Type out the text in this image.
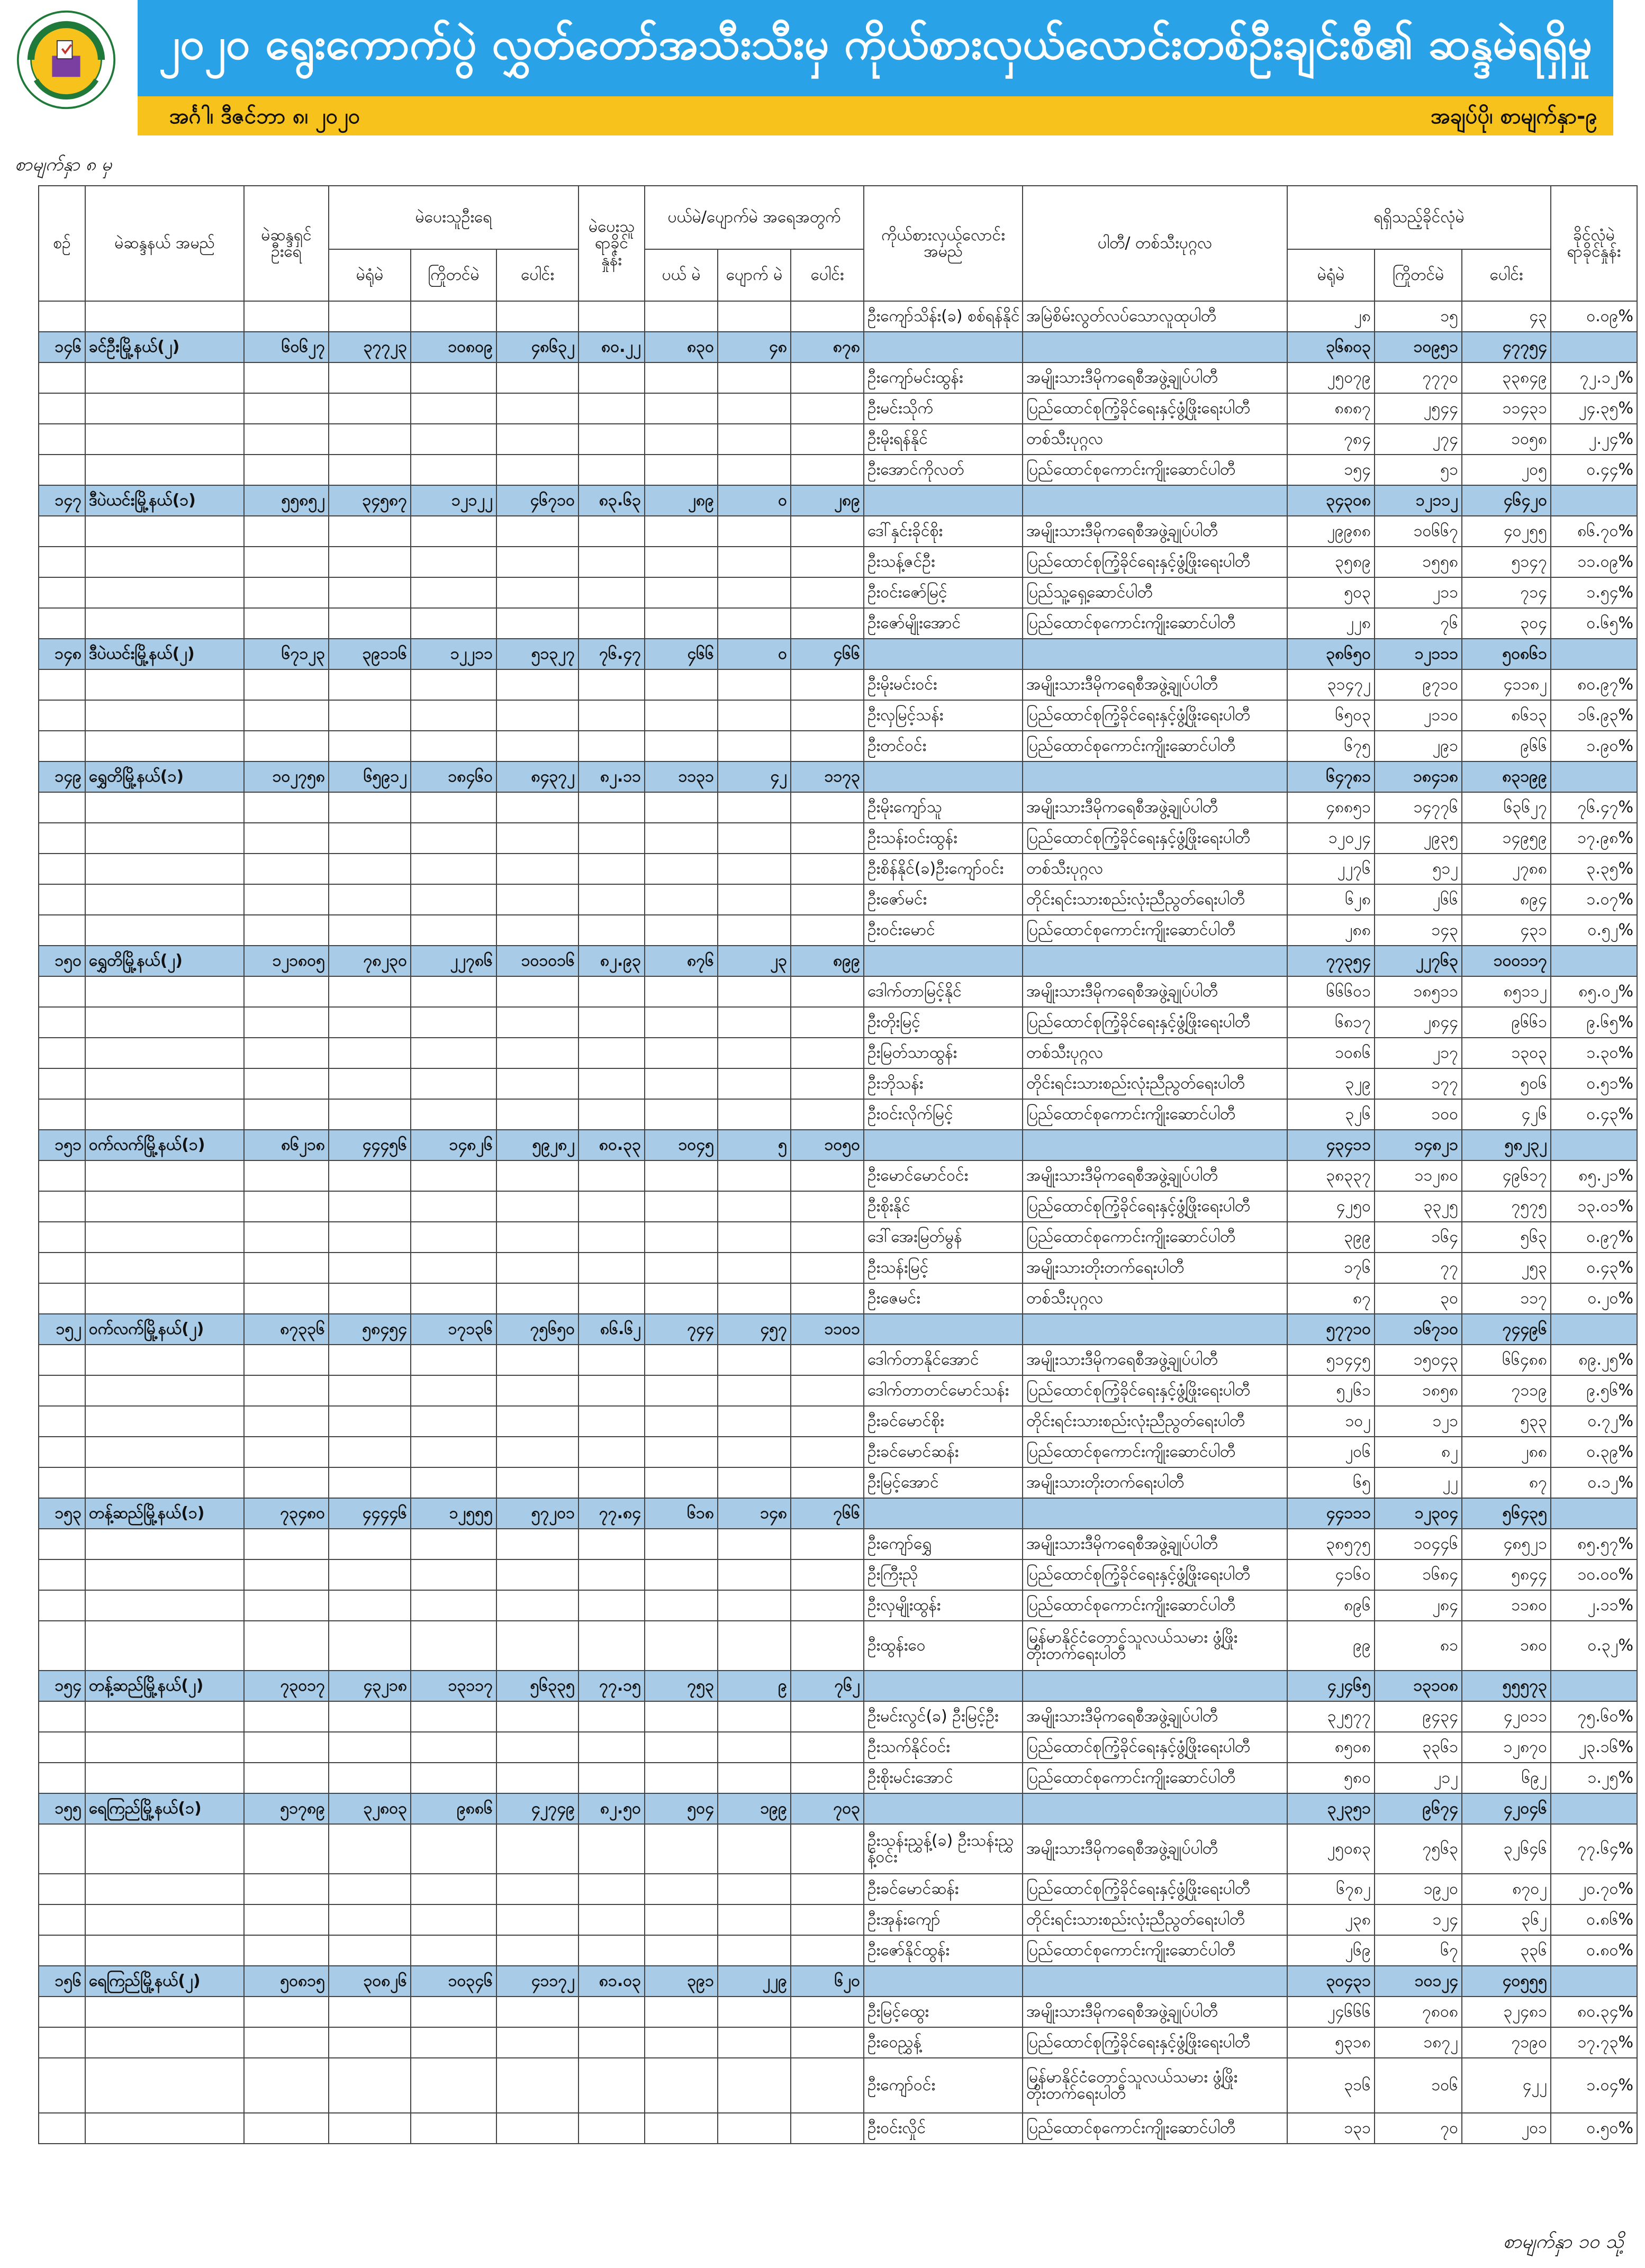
၂၀၂၀ ရွေးကောက်ပွဲ လွှတ်တော်အသီးသီးမှ ကိုယ်စားလှယ်လောင်းတစ်ဦးချင်းစီ၏ ဆန္ဒမဲရရှိမှု
အင်္ဂါ၊ ဒီဇင်ဘာ ၈၊ ၂၀၂၀	အချပ်ပို၊ စာမျက်နှာ-၉
စာမျက်နှာ ၈ မှ
စဉ်	မဲဆန္ဒနယ် အမည်	မဲဆန္ဒရှင် ဦးရေ	မဲပေးသူဦးရေ			မဲပေးသူ ရာခိုင် နှုန်း	ပယ်မဲ/ပျောက်မဲ အရေအတွက်			ကိုယ်စားလှယ်လောင်း အမည်	ပါတီ/ တစ်သီးပုဂ္ဂလ	ရရှိသည့်ခိုင်လုံမဲ			ခိုင်လုံမဲ ရာခိုင်နှုန်း
			မဲရုံမဲ	ကြိုတင်မဲ	ပေါင်း		ပယ် မဲ	ပျောက် မဲ	ပေါင်း			မဲရုံမဲ	ကြိုတင်မဲ	ပေါင်း	
										ဦးကျော်သိန်း(ခ) စစ်ရန်နိုင်	အမြဲစိမ်းလွတ်လပ်သောလူထုပါတီ	၂၈	၁၅	၄၃	၀.၀၉%
၁၄၆	ခင်ဦးမြို့နယ်(၂)	၆၀၆၂၇	၃၇၇၂၃	၁၀၈၀၉	၄၈၆၃၂	၈၀.၂၂	၈၃၀	၄၈	၈၇၈			၃၆၈၀၃	၁၀၉၅၁	၄၇၇၅၄	
										ဦးကျော်မင်းထွန်း	အမျိုးသားဒီမိုကရေစီအဖွဲ့ချုပ်ပါတီ	၂၅၀၇၉	၇၇၇၀	၃၃၈၄၉	၇၂.၁၂%
										ဦးမင်းသိုက်	ပြည်ထောင်စုကြံ့ခိုင်ရေးနှင့်ဖွံ့ဖြိုးရေးပါတီ	၈၈၈၇	၂၅၄၄	၁၁၄၃၁	၂၄.၃၅%
										ဦးမိုးရန်နိုင်	တစ်သီးပုဂ္ဂလ	၇၈၄	၂၇၄	၁၀၅၈	၂.၂၄%
										ဦးအောင်ကိုလတ်	ပြည်ထောင်စုကောင်းကျိုးဆောင်ပါတီ	၁၅၄	၅၁	၂၀၅	၀.၄၄%
၁၄၇	ဒီပဲယင်းမြို့နယ်(၁)	၅၅၈၅၂	၃၄၅၈၇	၁၂၁၂၂	၄၆၇၁၀	၈၃.၆၃	၂၈၉	၀	၂၈၉			၃၄၃၀၈	၁၂၁၁၂	၄၆၄၂၀	
										ဒေါ်နှင်းခိုင်စိုး	အမျိုးသားဒီမိုကရေစီအဖွဲ့ချုပ်ပါတီ	၂၉၉၈၈	၁၀၆၆၇	၄၀၂၅၅	၈၆.၇၀%
										ဦးသန့်ဇင်ဦး	ပြည်ထောင်စုကြံ့ခိုင်ရေးနှင့်ဖွံ့ဖြိုးရေးပါတီ	၃၅၈၉	၁၅၅၈	၅၁၄၇	၁၁.၀၉%
										ဦးဝင်းဇော်မြင့်	ပြည်သူ့ရှေ့ဆောင်ပါတီ	၅၀၃	၂၁၁	၇၁၄	၁.၅၄%
										ဦးဇော်မျိုးအောင်	ပြည်ထောင်စုကောင်းကျိုးဆောင်ပါတီ	၂၂၈	၇၆	၃၀၄	၀.၆၅%
၁၄၈	ဒီပဲယင်းမြို့နယ်(၂)	၆၇၁၂၃	၃၉၁၁၆	၁၂၂၁၁	၅၁၃၂၇	၇၆.၄၇	၄၆၆	၀	၄၆၆			၃၈၆၅၀	၁၂၁၁၁	၅၀၈၆၁	
										ဦးမိုးမင်းဝင်း	အမျိုးသားဒီမိုကရေစီအဖွဲ့ချုပ်ပါတီ	၃၁၄၇၂	၉၇၁၀	၄၁၁၈၂	၈၀.၉၇%
										ဦးလှမြင့်သန်း	ပြည်ထောင်စုကြံ့ခိုင်ရေးနှင့်ဖွံ့ဖြိုးရေးပါတီ	၆၅၀၃	၂၁၁၀	၈၆၁၃	၁၆.၉၃%
										ဦးတင်ဝင်း	ပြည်ထောင်စုကောင်းကျိုးဆောင်ပါတီ	၆၇၅	၂၉၁	၉၆၆	၁.၉၀%
၁၄၉	ရွှေတိမြို့နယ်(၁)	၁၀၂၇၅၈	၆၅၉၁၂	၁၈၄၆၀	၈၄၃၇၂	၈၂.၁၁	၁၁၃၁	၄၂	၁၁၇၃			၆၄၇၈၁	၁၈၄၁၈	၈၃၁၉၉	
										ဦးမိုးကျော်သူ	အမျိုးသားဒီမိုကရေစီအဖွဲ့ချုပ်ပါတီ	၄၈၈၅၁	၁၄၇၇၆	၆၃၆၂၇	၇၆.၄၇%
										ဦးသန်းဝင်းထွန်း	ပြည်ထောင်စုကြံ့ခိုင်ရေးနှင့်ဖွံ့ဖြိုးရေးပါတီ	၁၂၀၂၄	၂၉၃၅	၁၄၉၅၉	၁၇.၉၈%
										ဦးစိန်နိုင်(ခ)ဦးကျော်ဝင်း	တစ်သီးပုဂ္ဂလ	၂၂၇၆	၅၁၂	၂၇၈၈	၃.၃၅%
										ဦးဇော်မင်း	တိုင်းရင်းသားစည်းလုံးညီညွတ်ရေးပါတီ	၆၂၈	၂၆၆	၈၉၄	၁.၀၇%
										ဦးဝင်းမောင်	ပြည်ထောင်စုကောင်းကျိုးဆောင်ပါတီ	၂၈၈	၁၄၃	၄၃၁	၀.၅၂%
၁၅၀	ရွှေတိမြို့နယ်(၂)	၁၂၁၈၀၅	၇၈၂၃၀	၂၂၇၈၆	၁၀၁၀၁၆	၈၂.၉၃	၈၇၆	၂၃	၈၉၉			၇၇၃၅၄	၂၂၇၆၃	၁၀၀၁၁၇	
										ဒေါက်တာမြင့်နိုင်	အမျိုးသားဒီမိုကရေစီအဖွဲ့ချုပ်ပါတီ	၆၆၆၀၁	၁၈၅၁၁	၈၅၁၁၂	၈၅.၀၂%
										ဦးတိုးမြင့်	ပြည်ထောင်စုကြံ့ခိုင်ရေးနှင့်ဖွံ့ဖြိုးရေးပါတီ	၆၈၁၇	၂၈၄၄	၉၆၆၁	၉.၆၅%
										ဦးမြတ်သာထွန်း	တစ်သီးပုဂ္ဂလ	၁၀၈၆	၂၁၇	၁၃၀၃	၁.၃၀%
										ဦးဘိုသန်း	တိုင်းရင်းသားစည်းလုံးညီညွတ်ရေးပါတီ	၃၂၉	၁၇၇	၅၀၆	၀.၅၁%
										ဦးဝင်းလိုက်မြင့်	ပြည်ထောင်စုကောင်းကျိုးဆောင်ပါတီ	၃၂၆	၁၀၀	၄၂၆	၀.၄၃%
၁၅၁	ဝက်လက်မြို့နယ်(၁)	၈၆၂၁၈	၄၄၄၅၆	၁၄၈၂၆	၅၉၂၈၂	၈၀.၃၃	၁၀၄၅	၅	၁၀၅၀			၄၃၄၁၁	၁၄၈၂၁	၅၈၂၃၂	
										ဦးမောင်မောင်ဝင်း	အမျိုးသားဒီမိုကရေစီအဖွဲ့ချုပ်ပါတီ	၃၈၃၃၇	၁၁၂၈၀	၄၉၆၁၇	၈၅.၂၁%
										ဦးစိုးနိုင်	ပြည်ထောင်စုကြံ့ခိုင်ရေးနှင့်ဖွံ့ဖြိုးရေးပါတီ	၄၂၅၀	၃၃၂၅	၇၅၇၅	၁၃.၀၁%
										ဒေါ်အေးမြတ်မွန်	ပြည်ထောင်စုကောင်းကျိုးဆောင်ပါတီ	၃၉၉	၁၆၄	၅၆၃	၀.၉၇%
										ဦးသန်းမြင့်	အမျိုးသားတိုးတက်ရေးပါတီ	၁၇၆	၇၇	၂၅၃	၀.၄၃%
										ဦးဇေမင်း	တစ်သီးပုဂ္ဂလ	၈၇	၃၀	၁၁၇	၀.၂၀%
၁၅၂	ဝက်လက်မြို့နယ်(၂)	၈၇၃၃၆	၅၈၄၅၄	၁၇၁၃၆	၇၅၆၅၀	၈၆.၆၂	၇၄၄	၄၅၇	၁၁၀၁			၅၇၇၁၀	၁၆၇၁၀	၇၄၄၉၆	
										ဒေါက်တာနိုင်အောင်	အမျိုးသားဒီမိုကရေစီအဖွဲ့ချုပ်ပါတီ	၅၁၄၄၅	၁၅၀၄၃	၆၆၄၈၈	၈၉.၂၅%
										ဒေါက်တာတင်မောင်သန်း	ပြည်ထောင်စုကြံ့ခိုင်ရေးနှင့်ဖွံ့ဖြိုးရေးပါတီ	၅၂၆၁	၁၈၅၈	၇၁၁၉	၉.၅၆%
										ဦးခင်မောင်စိုး	တိုင်းရင်းသားစည်းလုံးညီညွတ်ရေးပါတီ	၁၀၂	၁၂၁	၅၃၃	၀.၇၂%
										ဦးခင်မောင်ဆန်း	ပြည်ထောင်စုကောင်းကျိုးဆောင်ပါတီ	၂၀၆	၈၂	၂၈၈	၀.၃၉%
										ဦးမြင့်အောင်	အမျိုးသားတိုးတက်ရေးပါတီ	၆၅	၂၂	၈၇	၀.၁၂%
၁၅၃	တန့်ဆည်မြို့နယ်(၁)	၇၃၄၈၀	၄၄၄၄၆	၁၂၅၅၅	၅၇၂၀၁	၇၇.၈၄	၆၁၈	၁၄၈	၇၆၆			၄၄၁၁၁	၁၂၃၀၄	၅၆၄၃၅	
										ဦးကျော်ရွှေ	အမျိုးသားဒီမိုကရေစီအဖွဲ့ချုပ်ပါတီ	၃၈၅၇၅	၁၀၄၄၆	၄၈၅၂၁	၈၅.၅၇%
										ဦးကြီးညို	ပြည်ထောင်စုကြံ့ခိုင်ရေးနှင့်ဖွံ့ဖြိုးရေးပါတီ	၄၁၆၀	၁၆၈၄	၅၈၄၄	၁၀.၀၀%
										ဦးလှမျိုးထွန်း	ပြည်ထောင်စုကောင်းကျိုးဆောင်ပါတီ	၈၉၆	၂၈၄	၁၁၈၀	၂.၁၁%
										ဦးထွန်းဝေ	မြန်မာနိုင်ငံတောင်သူလယ်သမား ဖွံ့ဖြိုးတိုးတက်ရေးပါတီ	၉၉	၈၁	၁၈၀	၀.၃၂%
၁၅၄	တန့်ဆည်မြို့နယ်(၂)	၇၃၀၁၇	၄၃၂၁၈	၁၃၁၁၇	၅၆၃၃၅	၇၇.၁၅	၇၅၃	၉	၇၆၂			၄၂၄၆၅	၁၃၁၀၈	၅၅၅၇၃	
										ဦးမင်းလွင်(ခ) ဦးမြင့်ဦး	အမျိုးသားဒီမိုကရေစီအဖွဲ့ချုပ်ပါတီ	၃၂၅၇၇	၉၄၃၄	၄၂၀၁၁	၇၅.၆၀%
										ဦးသက်နိုင်ဝင်း	ပြည်ထောင်စုကြံ့ခိုင်ရေးနှင့်ဖွံ့ဖြိုးရေးပါတီ	၈၅၀၈	၃၃၆၁	၁၂၈၇၀	၂၃.၁၆%
										ဦးစိုးမင်းအောင်	ပြည်ထောင်စုကောင်းကျိုးဆောင်ပါတီ	၅၈၀	၂၁၂	၆၉၂	၁.၂၅%
၁၅၅	ရေကြည်မြို့နယ်(၁)	၅၁၇၈၉	၃၂၈၀၃	၉၈၈၆	၄၂၇၄၉	၈၂.၅၀	၅၀၄	၁၉၉	၇၀၃			၃၂၃၅၁	၉၆၇၄	၄၂၀၄၆	
										ဦးသန်းညွှန့်(ခ) ဦးသန်းညွှန့်ဝင်း	အမျိုးသားဒီမိုကရေစီအဖွဲ့ချုပ်ပါတီ	၂၅၀၈၃	၇၅၆၃	၃၂၆၄၆	၇၇.၆၄%
										ဦးခင်မောင်ဆန်း	ပြည်ထောင်စုကြံ့ခိုင်ရေးနှင့်ဖွံ့ဖြိုးရေးပါတီ	၆၇၈၂	၁၉၂၀	၈၇၀၂	၂၀.၇၀%
										ဦးအုန်းကျော်	တိုင်းရင်းသားစည်းလုံးညီညွတ်ရေးပါတီ	၂၃၈	၁၂၄	၃၆၂	၀.၈၆%
										ဦးဇော်နိုင်ထွန်း	ပြည်ထောင်စုကောင်းကျိုးဆောင်ပါတီ	၂၆၉	၆၇	၃၃၆	၀.၈၀%
၁၅၆	ရေကြည်မြို့နယ်(၂)	၅၀၈၁၅	၃၀၈၂၆	၁၀၃၄၆	၄၁၁၇၂	၈၁.၀၃	၃၉၁	၂၂၉	၆၂၀			၃၀၄၃၁	၁၀၁၂၄	၄၀၅၅၅	
										ဦးမြင့်ထွေး	အမျိုးသားဒီမိုကရေစီအဖွဲ့ချုပ်ပါတီ	၂၄၆၆၆	၇၈၀၈	၃၂၄၈၁	၈၀.၃၄%
										ဦးဝေညွှန့်	ပြည်ထောင်စုကြံ့ခိုင်ရေးနှင့်ဖွံ့ဖြိုးရေးပါတီ	၅၃၁၈	၁၈၇၂	၇၁၉၀	၁၇.၇၃%
										ဦးကျော်ဝင်း	မြန်မာနိုင်ငံတောင်သူလယ်သမား ဖွံ့ဖြိုးတိုးတက်ရေးပါတီ	၃၁၆	၁၀၆	၄၂၂	၁.၀၄%
										ဦးဝင်းလှိုင်	ပြည်ထောင်စုကောင်းကျိုးဆောင်ပါတီ	၁၃၁	၇၀	၂၀၁	၀.၅၀%
စာမျက်နှာ ၁၀ သို့
